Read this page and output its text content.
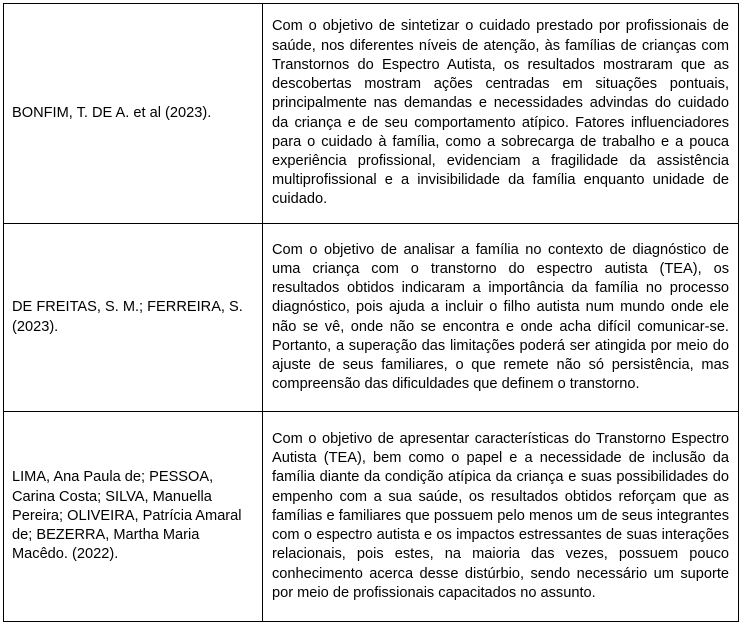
BONFIM, T. DE A. et al (2023).	Com o objetivo de sintetizar o cuidado prestado por profissionais de saúde, nos diferentes níveis de atenção, às famílias de crianças com Transtornos do Espectro Autista, os resultados mostraram que as descobertas mostram ações centradas em situações pontuais, principalmente nas demandas e necessidades advindas do cuidado da criança e de seu comportamento atípico. Fatores influenciadores para o cuidado à família, como a sobrecarga de trabalho e a pouca experiência profissional, evidenciam a fragilidade da assistência multiprofissional e a invisibilidade da família enquanto unidade de cuidado.
DE FREITAS, S. M.; FERREIRA, S. (2023).	Com o objetivo de analisar a família no contexto de diagnóstico de uma criança com o transtorno do espectro autista (TEA), os resultados obtidos indicaram a importância da família no processo diagnóstico, pois ajuda a incluir o filho autista num mundo onde ele não se vê, onde não se encontra e onde acha difícil comunicar-se. Portanto, a superação das limitações poderá ser atingida por meio do ajuste de seus familiares, o que remete não só persistência, mas compreensão das dificuldades que definem o transtorno.
LIMA, Ana Paula de; PESSOA, Carina Costa; SILVA, Manuella Pereira; OLIVEIRA, Patrícia Amaral de; BEZERRA, Martha Maria Macêdo. (2022).	Com o objetivo de apresentar características do Transtorno Espectro Autista (TEA), bem como o papel e a necessidade de inclusão da família diante da condição atípica da criança e suas possibilidades do empenho com a sua saúde, os resultados obtidos reforçam que as famílias e familiares que possuem pelo menos um de seus integrantes com o espectro autista e os impactos estressantes de suas interações relacionais, pois estes, na maioria das vezes, possuem pouco conhecimento acerca desse distúrbio, sendo necessário um suporte por meio de profissionais capacitados no assunto.
